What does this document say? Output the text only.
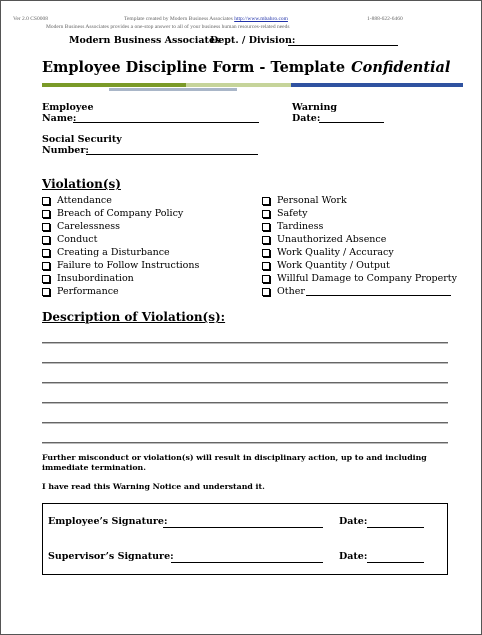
Ver 2.0 CS0008	Template created by Modern Business Associates http://www.mbahro.com	1-888-622-6460
Modern Business Associates provides a one-stop answer to all of your business human resources-related needs
Modern Business Associates
Dept. / Division:
Employee Discipline Form - Template Confidential
Employee
Name:
Warning
Date:
Social Security
Number:
Violation(s)
Attendance
Breach of Company Policy
Carelessness
Conduct
Creating a Disturbance
Failure to Follow Instructions
Insubordination
Performance
Personal Work
Safety
Tardiness
Unauthorized Absence
Work Quality / Accuracy
Work Quantity / Output
Willful Damage to Company Property
Other
Description of Violation(s):
Further misconduct or violation(s) will result in disciplinary action, up to and including immediate termination.
I have read this Warning Notice and understand it.
Employee’s Signature:	Date:
Supervisor’s Signature:	Date:
